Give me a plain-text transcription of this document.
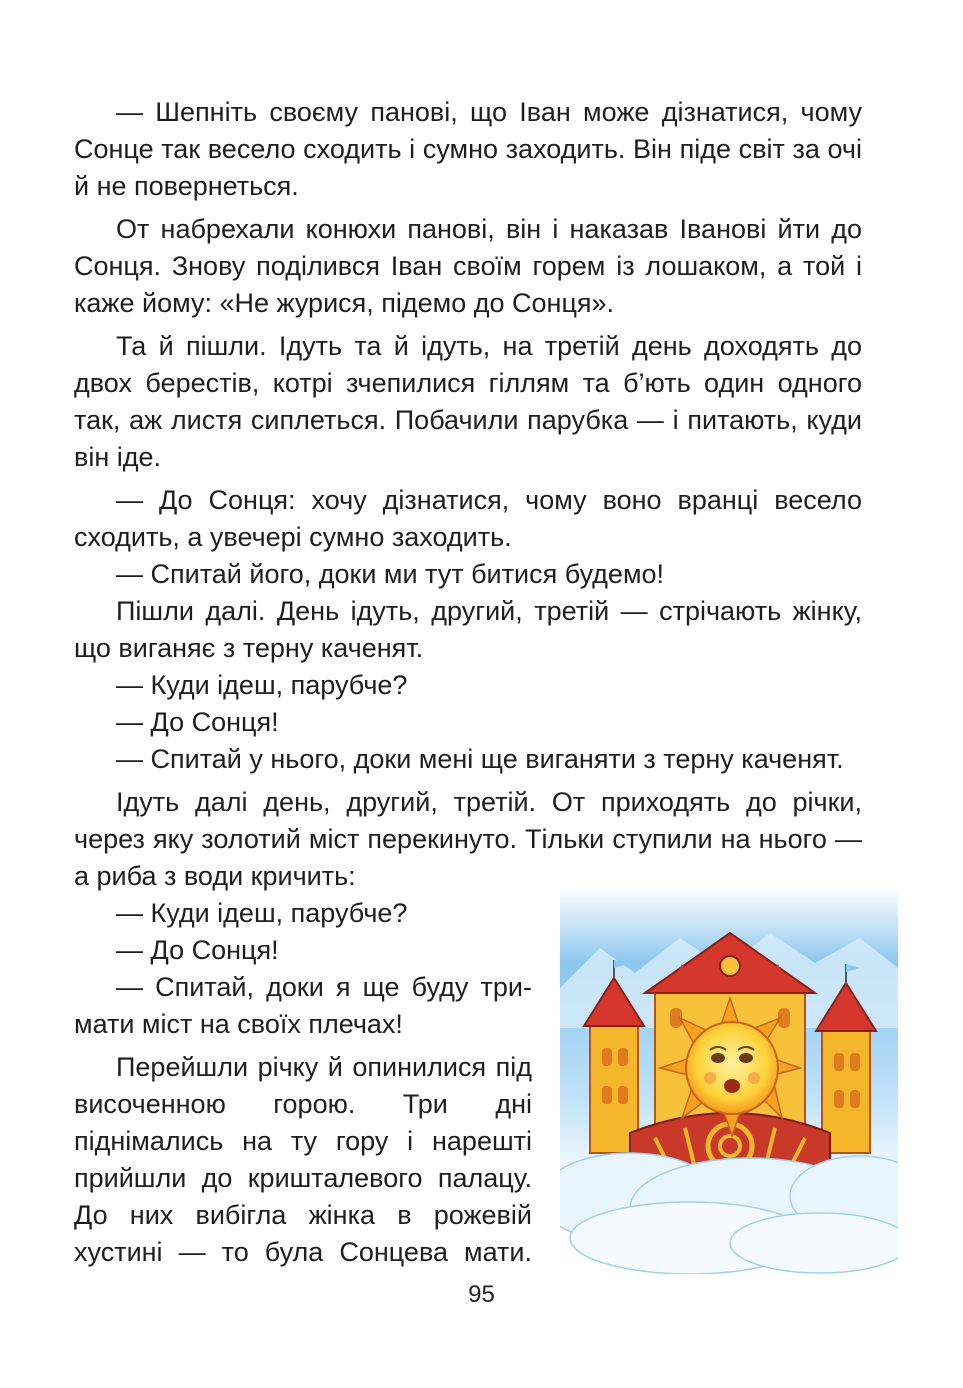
— Шепніть своєму панові, що Іван може дізнатися, чому Сонце так весело сходить і сумно заходить. Він піде світ за очі й не повернеться.

От набрехали конюхи панові, він і наказав Іванові йти до Сонця. Знову поділився Іван своїм горем із лошаком, а той і каже йому: «Не журися, підемо до Сонця».

Та й пішли. Ідуть та й ідуть, на третій день доходять до двох берестів, котрі зчепилися гіллям та б’ють один одного так, аж листя сиплеться. Побачили парубка — і питають, куди він іде.

— До Сонця: хочу дізнатися, чому воно вранці весело сходить, а увечері сумно заходить.

— Спитай його, доки ми тут битися будемо!

Пішли далі. День ідуть, другий, третій — стрічають жінку, що виганяє з терну каченят.

— Куди ідеш, парубче?

— До Сонця!

— Спитай у нього, доки мені ще виганяти з терну каченят.

Ідуть далі день, другий, третій. От приходять до річки, через яку золотий міст перекинуто. Тільки ступили на нього — а риба з води кричить:

— Куди ідеш, парубче?

— До Сонця!

— Спитай, доки я ще буду тримати міст на своїх плечах!

Перейшли річку й опинилися під височенною горою. Три дні піднімались на ту гору і нарешті прийшли до кришталевого палацу. До них вибігла жінка в рожевій хустині — то була Сонцева мати.

95
